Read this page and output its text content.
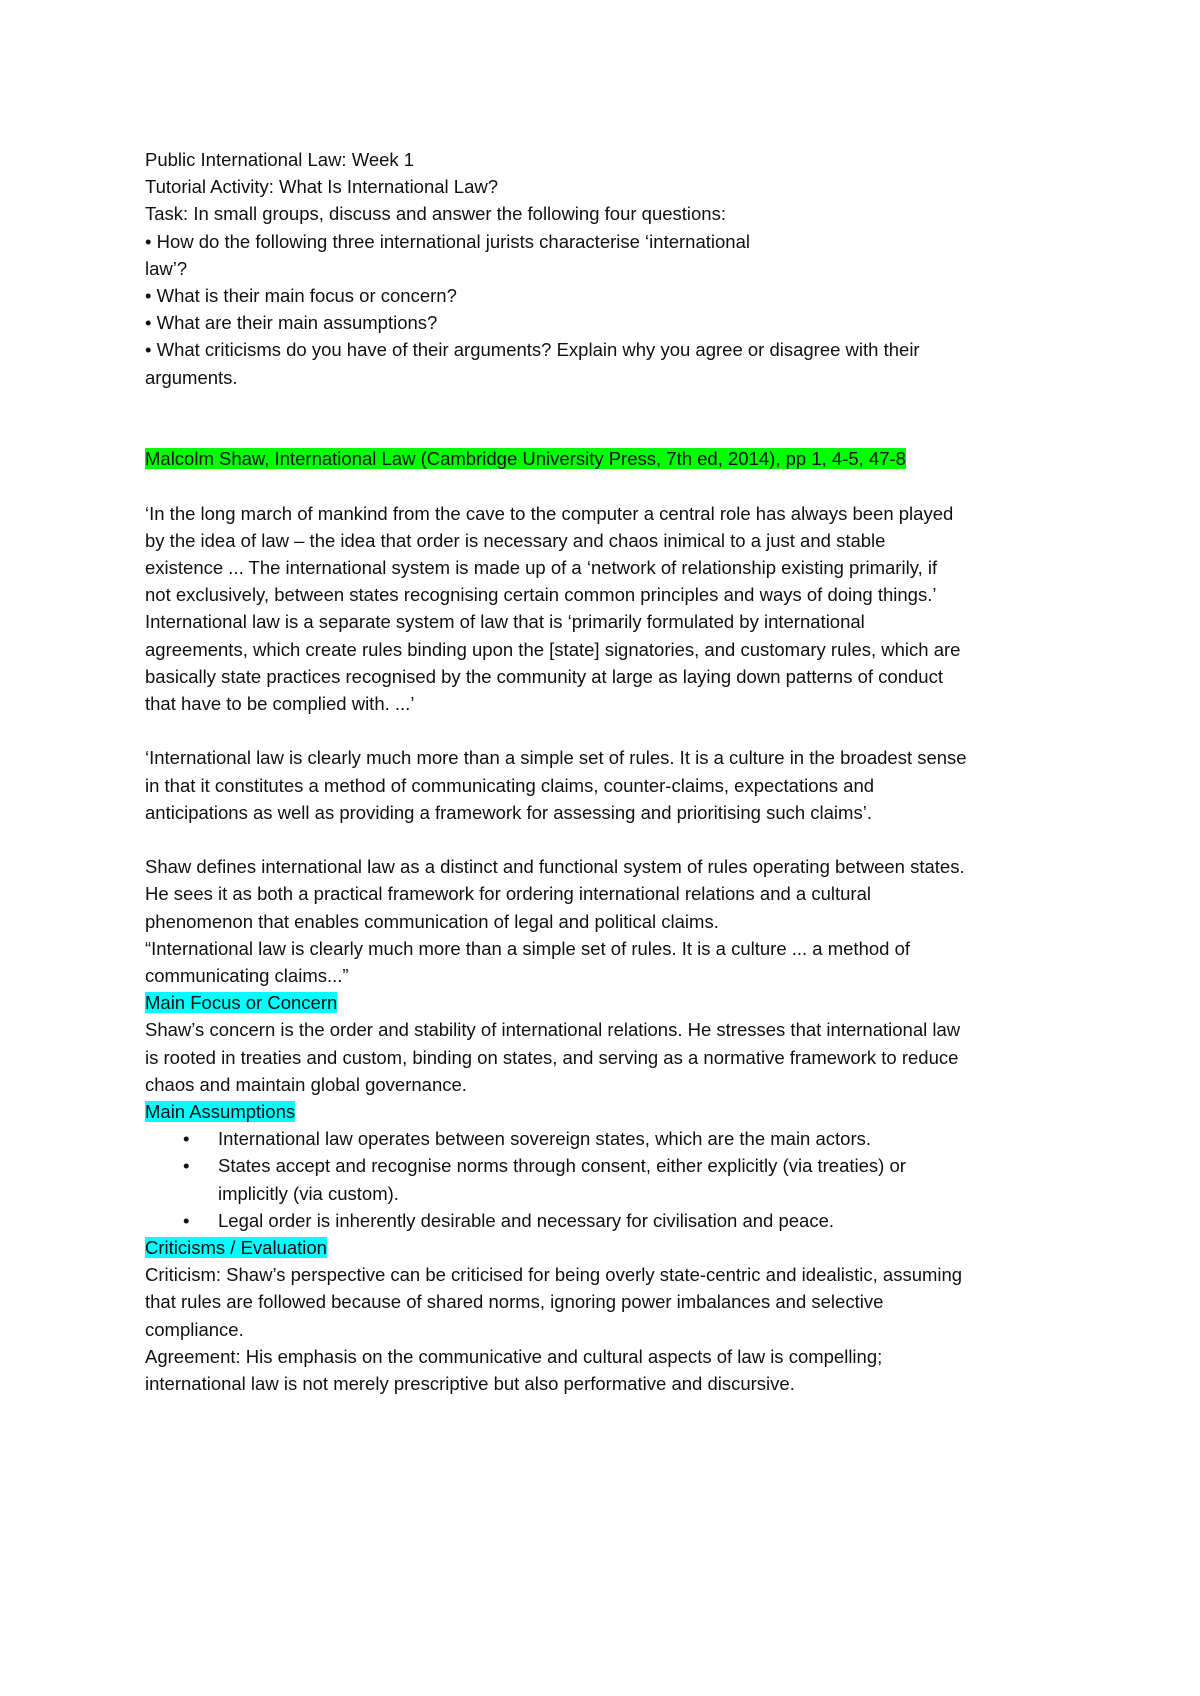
Public International Law: Week 1
Tutorial Activity: What Is International Law?
Task: In small groups, discuss and answer the following four questions:
• How do the following three international jurists characterise ‘international
law’?
• What is their main focus or concern?
• What are their main assumptions?
• What criticisms do you have of their arguments? Explain why you agree or disagree with their
arguments.
Malcolm Shaw, International Law (Cambridge University Press, 7th ed, 2014), pp 1, 4-5, 47-8
‘In the long march of mankind from the cave to the computer a central role has always been played
by the idea of law – the idea that order is necessary and chaos inimical to a just and stable
existence ... The international system is made up of a ‘network of relationship existing primarily, if
not exclusively, between states recognising certain common principles and ways of doing things.’
International law is a separate system of law that is ‘primarily formulated by international
agreements, which create rules binding upon the [state] signatories, and customary rules, which are
basically state practices recognised by the community at large as laying down patterns of conduct
that have to be complied with. ...’
‘International law is clearly much more than a simple set of rules. It is a culture in the broadest sense
in that it constitutes a method of communicating claims, counter-claims, expectations and
anticipations as well as providing a framework for assessing and prioritising such claims’.
Shaw defines international law as a distinct and functional system of rules operating between states.
He sees it as both a practical framework for ordering international relations and a cultural
phenomenon that enables communication of legal and political claims.
“International law is clearly much more than a simple set of rules. It is a culture ... a method of
communicating claims...”
Main Focus or Concern
Shaw’s concern is the order and stability of international relations. He stresses that international law
is rooted in treaties and custom, binding on states, and serving as a normative framework to reduce
chaos and maintain global governance.
Main Assumptions
• International law operates between sovereign states, which are the main actors.
• States accept and recognise norms through consent, either explicitly (via treaties) or
implicitly (via custom).
• Legal order is inherently desirable and necessary for civilisation and peace.
Criticisms / Evaluation
Criticism: Shaw’s perspective can be criticised for being overly state-centric and idealistic, assuming
that rules are followed because of shared norms, ignoring power imbalances and selective
compliance.
Agreement: His emphasis on the communicative and cultural aspects of law is compelling;
international law is not merely prescriptive but also performative and discursive.
